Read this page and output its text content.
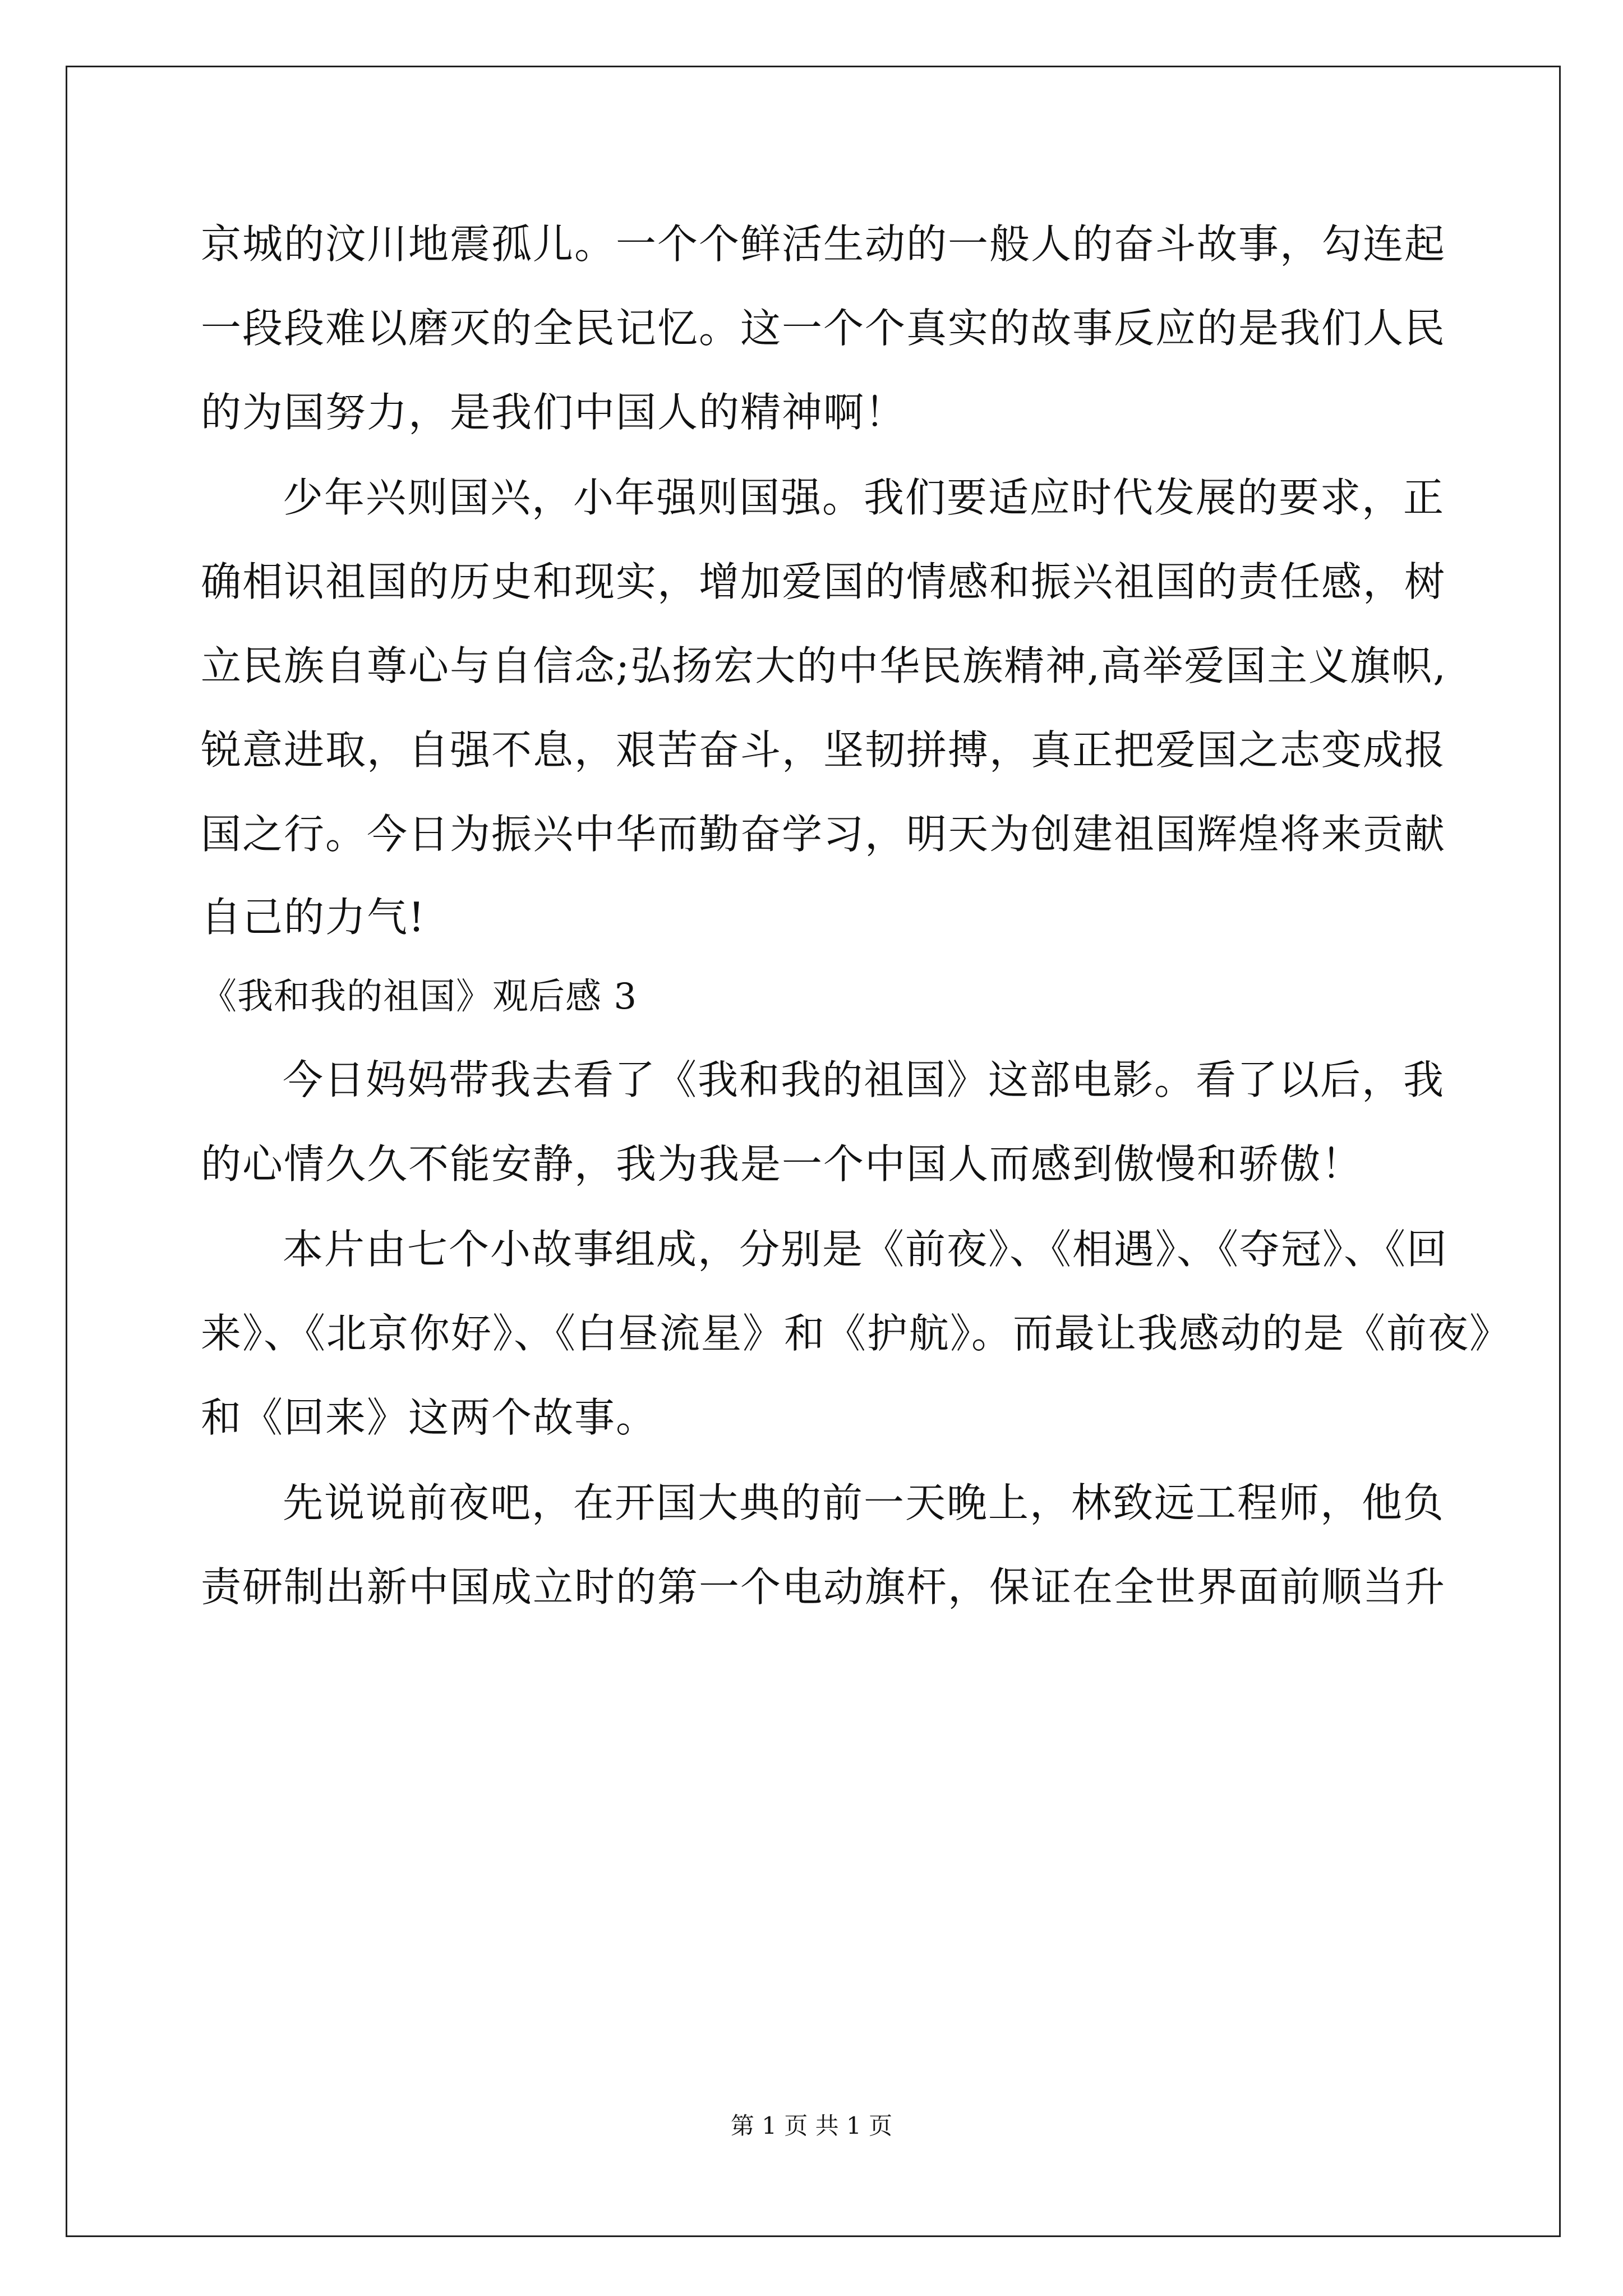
京城的汶川地震孤儿。一个个鲜活生动的一般人的奋斗故事，勾连起
一段段难以磨灭的全民记忆。这一个个真实的故事反应的是我们人民
的为国努力，是我们中国人的精神啊！
少年兴则国兴，小年强则国强。我们要适应时代发展的要求，正
确相识祖国的历史和现实，增加爱国的情感和振兴祖国的责任感，树
立民族自尊心与自信念;弘扬宏大的中华民族精神,高举爱国主义旗帜,
锐意进取，自强不息，艰苦奋斗，坚韧拼搏，真正把爱国之志变成报
国之行。今日为振兴中华而勤奋学习，明天为创建祖国辉煌将来贡献
自己的力气!
《我和我的祖国》观后感 3
今日妈妈带我去看了《我和我的祖国》这部电影。看了以后，我
的心情久久不能安静，我为我是一个中国人而感到傲慢和骄傲！
本片由七个小故事组成，分别是《前夜》、《相遇》、《夺冠》、《回
来》、《北京你好》、《白昼流星》和《护航》。而最让我感动的是《前夜》
和《回来》这两个故事。
先说说前夜吧，在开国大典的前一天晚上，林致远工程师，他负
责研制出新中国成立时的第一个电动旗杆，保证在全世界面前顺当升
第 1 页 共 1 页
